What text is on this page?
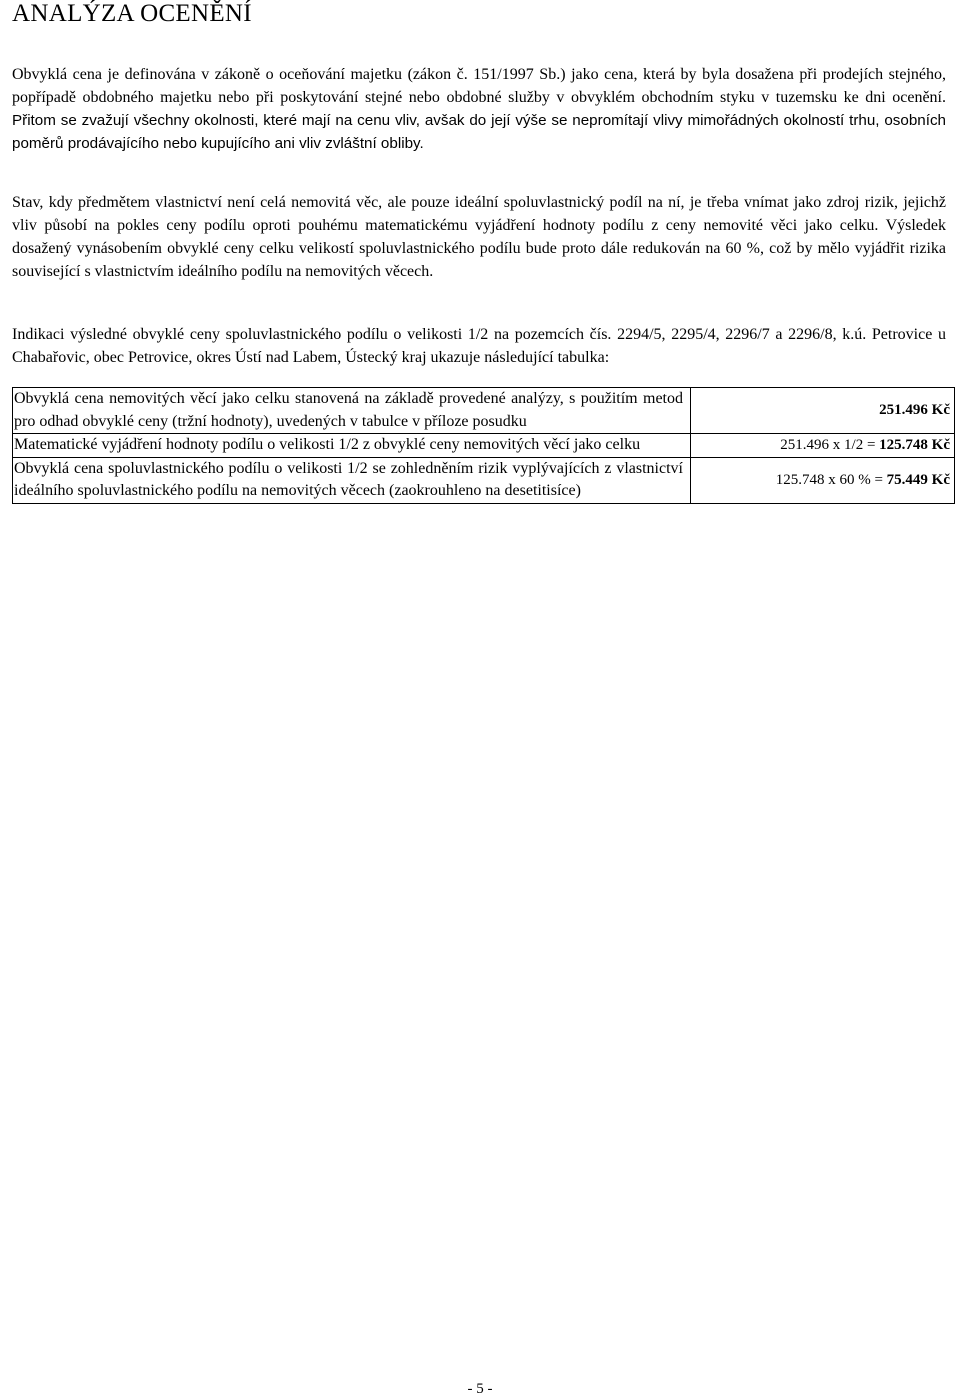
ANALÝZA OCENĚNÍ

Obvyklá cena je definována v zákoně o oceňování majetku (zákon č. 151/1997 Sb.) jako cena, která by byla dosažena při prodejích stejného, popřípadě obdobného majetku nebo při poskytování stejné nebo obdobné služby v obvyklém obchodním styku v tuzemsku ke dni ocenění. Přitom se zvažují všechny okolnosti, které mají na cenu vliv, avšak do její výše se nepromítají vlivy mimořádných okolností trhu, osobních poměrů prodávajícího nebo kupujícího ani vliv zvláštní obliby.

Stav, kdy předmětem vlastnictví není celá nemovitá věc, ale pouze ideální spoluvlastnický podíl na ní, je třeba vnímat jako zdroj rizik, jejichž vliv působí na pokles ceny podílu oproti pouhému matematickému vyjádření hodnoty podílu z ceny nemovité věci jako celku. Výsledek dosažený vynásobením obvyklé ceny celku velikostí spoluvlastnického podílu bude proto dále redukován na 60 %, což by mělo vyjádřit rizika související s vlastnictvím ideálního podílu na nemovitých věcech.

Indikaci výsledné obvyklé ceny spoluvlastnického podílu o velikosti 1/2 na pozemcích čís. 2294/5, 2295/4, 2296/7 a 2296/8, k.ú. Petrovice u Chabařovic, obec Petrovice, okres Ústí nad Labem, Ústecký kraj ukazuje následující tabulka:

Obvyklá cena nemovitých věcí jako celku stanovená na základě provedené analýzy, s použitím metod pro odhad obvyklé ceny (tržní hodnoty), uvedených v tabulce v příloze posudku	251.496 Kč
Matematické vyjádření hodnoty podílu o velikosti 1/2 z obvyklé ceny nemovitých věcí jako celku	251.496 x 1/2 = 125.748 Kč
Obvyklá cena spoluvlastnického podílu o velikosti 1/2 se zohledněním rizik vyplývajících z vlastnictví ideálního spoluvlastnického podílu na nemovitých věcech (zaokrouhleno na desetitisíce)	125.748 x 60 % = 75.449 Kč
- 5 -
